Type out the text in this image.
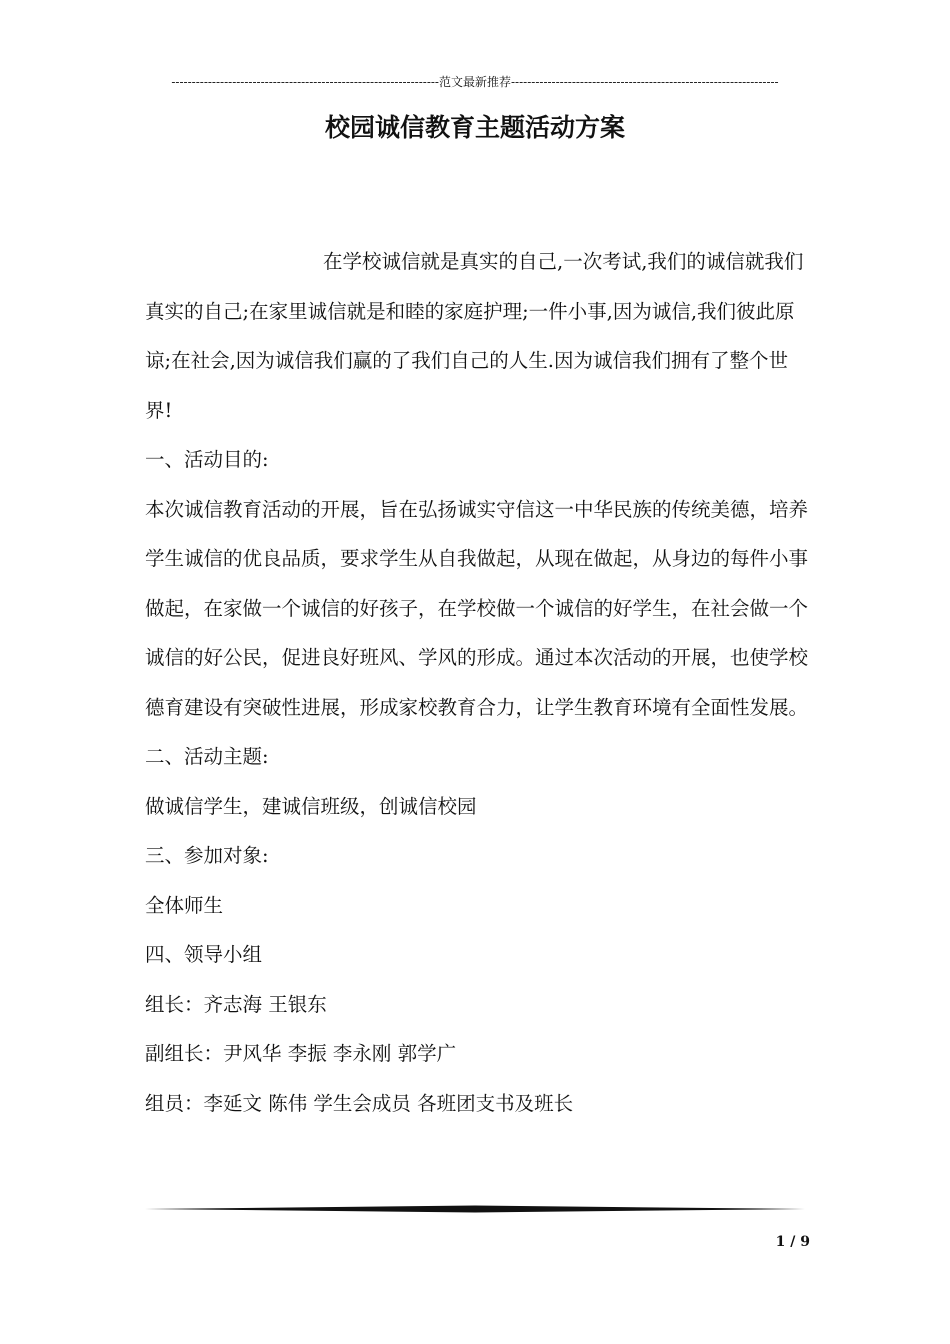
------------------------------------------------------------------范文最新推荐------------------------------------------------------------------
校园诚信教育主题活动方案

在学校诚信就是真实的自己,一次考试,我们的诚信就我们真实的自己;在家里诚信就是和睦的家庭护理;一件小事,因为诚信,我们彼此原谅;在社会,因为诚信我们赢的了我们自己的人生.因为诚信我们拥有了整个世界!

一、活动目的:

本次诚信教育活动的开展，旨在弘扬诚实守信这一中华民族的传统美德，培养学生诚信的优良品质，要求学生从自我做起，从现在做起，从身边的每件小事做起，在家做一个诚信的好孩子，在学校做一个诚信的好学生，在社会做一个诚信的好公民，促进良好班风、学风的形成。通过本次活动的开展，也使学校德育建设有突破性进展，形成家校教育合力，让学生教育环境有全面性发展。

二、活动主题:

做诚信学生，建诚信班级，创诚信校园

三、参加对象:

全体师生

四、领导小组

组长：齐志海 王银东

副组长：尹风华 李振 李永刚 郭学广

组员：李延文 陈伟 学生会成员 各班团支书及班长

1 / 9
